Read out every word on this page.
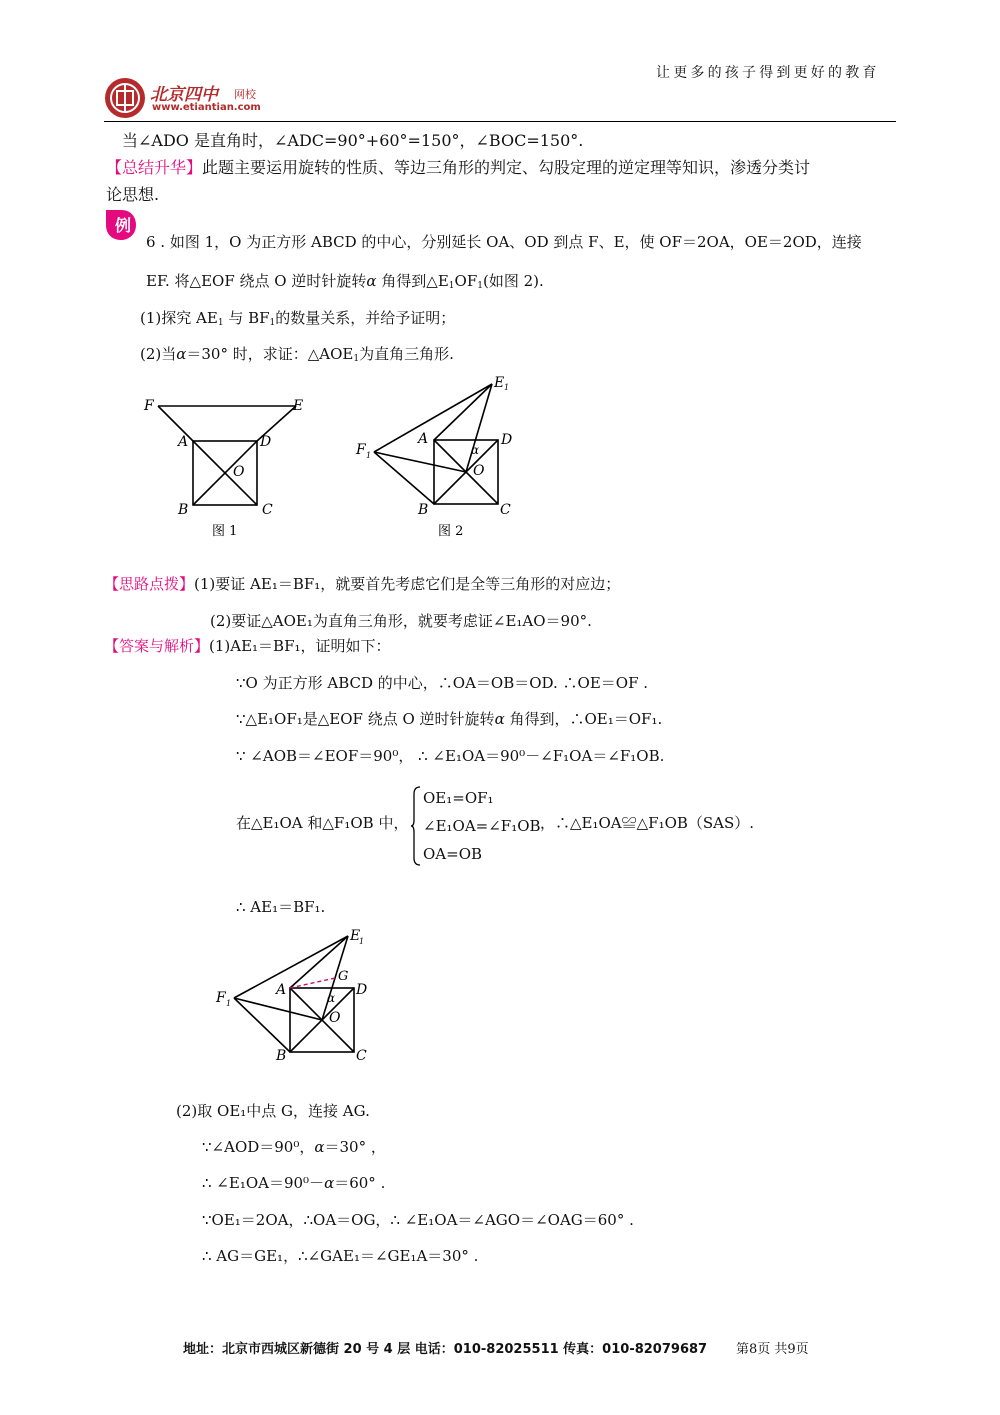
让更多的孩子得到更好的教育
北京四中 网校
www.etiantian.com
当∠ADO 是直角时，∠ADC=90°+60°=150°，∠BOC=150°.
【总结升华】此题主要运用旋转的性质、等边三角形的判定、勾股定理的逆定理等知识，渗透分类讨
论思想.
例
6 . 如图 1，O 为正方形 ABCD 的中心，分别延长 OA、OD 到点 F、E，使 OF＝2OA，OE＝2OD，连接
EF. 将△EOF 绕点 O 逆时针旋转α 角得到$\triangle E_1OF_1$(如图 2).
(1)探究 $AE_1$ 与 $BF_1$的数量关系，并给予证明；
(2)当α＝30° 时，求证：$\triangle AOE_1$为直角三角形.
F	E
A	D
O
B	C
图 1
E 1
F 1
A	D
O
α
B	C
图 2
【思路点拨】(1)要证 AE₁＝BF₁，就要首先考虑它们是全等三角形的对应边；
(2)要证△AOE₁为直角三角形，就要考虑证∠E₁AO＝90°.
【答案与解析】(1)AE₁＝BF₁，证明如下：
∵O 为正方形 ABCD 的中心，∴OA＝OB＝OD. ∴OE＝OF .
∵△E₁OF₁是△EOF 绕点 O 逆时针旋转α 角得到，∴OE₁＝OF₁.
∵ ∠AOB＝∠EOF＝90⁰， ∴ ∠E₁OA＝90⁰－∠F₁OA＝∠F₁OB.
在△E₁OA 和△F₁OB 中，
OE₁=OF₁
∠E₁OA=∠F₁OB
OA=OB
，∴△E₁OA≌△F₁OB（SAS）.
∴ AE₁＝BF₁.
E
1
G
F 1
A	D
O
α
B	C
(2)取 OE₁中点 G，连接 AG.
∵∠AOD＝90⁰，α＝30° ，
∴ ∠E₁OA＝90⁰－α＝60° .
∵OE₁＝2OA，∴OA＝OG，∴ ∠E₁OA＝∠AGO＝∠OAG＝60° .
∴ AG＝GE₁，∴∠GAE₁＝∠GE₁A＝30° .
地址：北京市西城区新德街 20 号 4 层 电话：010-82025511 传真：010-82079687 第8页 共9页
